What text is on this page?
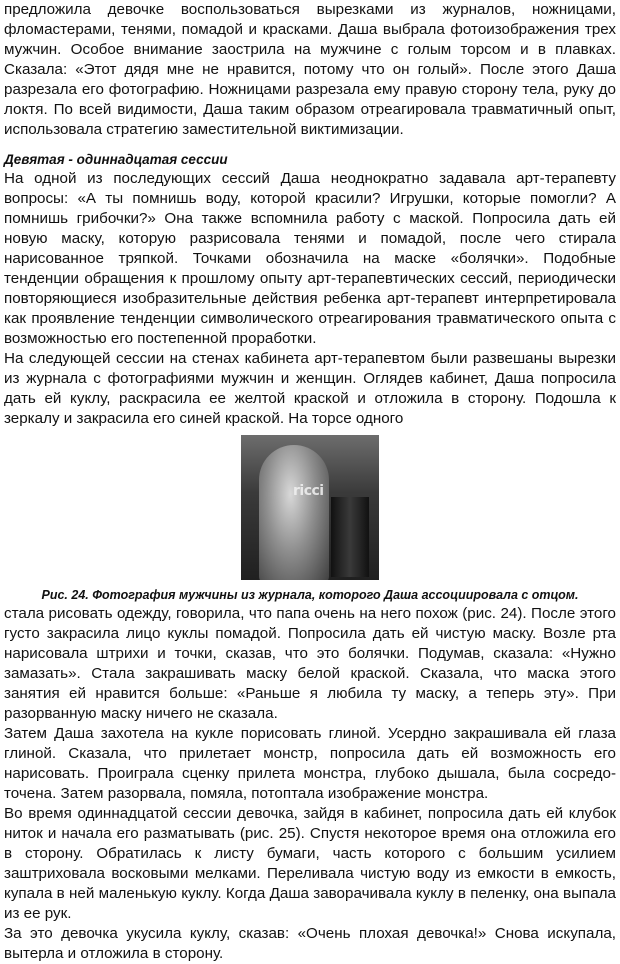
предложила девочке воспользоваться вырезками из журналов, ножницами, фломастерами, тенями, помадой и красками. Даша выбрала фотоизображения трех мужчин. Особое внимание заострила на мужчине с голым торсом и в плавках. Сказала: «Этот дядя мне не нравится, потому что он голый». После этого Даша разрезала его фотографию. Ножницами разрезала ему правую сторону тела, руку до локтя. По всей видимости, Даша таким образом отреагировала травматичный опыт, использовала стратегию заместительной виктимизации.

Девятая - одиннадцатая сессии

На одной из последующих сессий Даша неоднократно задавала арт-терапевту вопросы: «А ты помнишь воду, которой красили? Игрушки, которые помогли? А помнишь грибочки?» Она также вспомнила работу с маской. Попросила дать ей новую маску, которую разрисовала тенями и помадой, после чего стирала нарисованное тряпкой. Точками обозначила на маске «болячки». Подобные тенденции обращения к прошлому опыту арт-терапевтических сессий, периодически повторяющиеся изобразительные действия ребенка арт-терапевт интерпретировала как проявление тенденции символического отреагирования травматического опыта с возможностью его постепенной проработки.

На следующей сессии на стенах кабинета арт-терапевтом были развешаны вырезки из журнала с фотографиями мужчин и женщин. Оглядев кабинет, Даша попросила дать ей куклу, раскрасила ее желтой краской и отложила в сторону. Подошла к зеркалу и закрасила его синей краской. На торсе одного

ricci
Рис. 24. Фотография мужчины из журнала, которого Даша ассоциировала с отцом.

стала рисовать одежду, говорила, что папа очень на него похож (рис. 24). После этого густо закрасила лицо куклы помадой. Попросила дать ей чистую маску. Возле рта нарисовала штрихи и точки, сказав, что это болячки. Подумав, сказала: «Нужно замазать». Стала закрашивать маску белой краской. Сказала, что маска этого занятия ей нравится больше: «Раньше я любила ту маску, а теперь эту». При разорванную маску ничего не сказала.

Затем Даша захотела на кукле порисовать глиной. Усердно закрашивала ей глаза глиной. Сказала, что прилетает монстр, попросила дать ей возможность его нарисовать. Проиграла сценку прилета монстра, глубоко дышала, была сосредо-точена. Затем разорвала, помяла, потоптала изображение монстра.

Во время одиннадцатой сессии девочка, зайдя в кабинет, попросила дать ей клубок ниток и начала его разматывать (рис. 25). Спустя некоторое время она отложила его в сторону. Обратилась к листу бумаги, часть которого с большим усилием заштриховала восковыми мелками. Переливала чистую воду из емкости в емкость, купала в ней маленькую куклу. Когда Даша заворачивала куклу в пеленку, она выпала из ее рук.

За это девочка укусила куклу, сказав: «Очень плохая девочка!» Снова искупала, вытерла и отложила в сторону.
